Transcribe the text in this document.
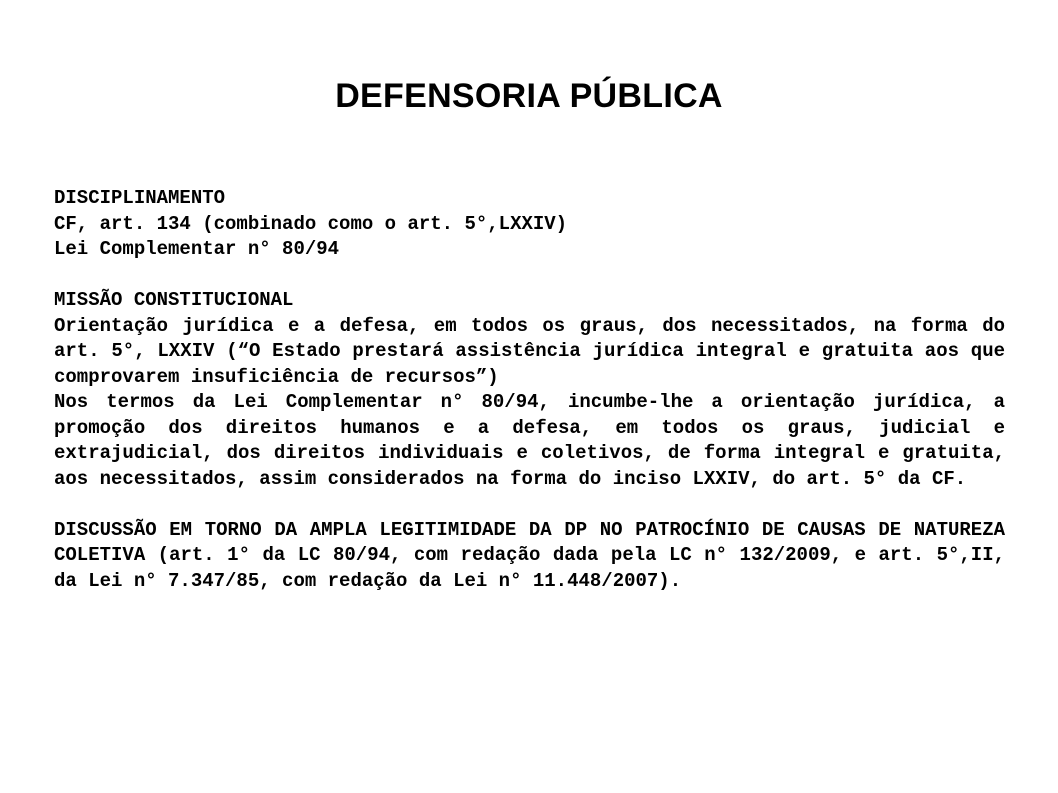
DEFENSORIA PÚBLICA

DISCIPLINAMENTO

CF, art. 134 (combinado como o art. 5°,LXXIV)

Lei Complementar n° 80/94

MISSÃO CONSTITUCIONAL

Orientação jurídica e a defesa, em todos os graus, dos necessitados, na forma do art. 5°, LXXIV (“O Estado prestará assistência jurídica integral e gratuita aos que comprovarem insuficiência de recursos”)

Nos termos da Lei Complementar n° 80/94, incumbe-lhe a orientação jurídica, a promoção dos direitos humanos e a defesa, em todos os graus, judicial e extrajudicial, dos direitos individuais e coletivos, de forma integral e gratuita, aos necessitados, assim considerados na forma do inciso LXXIV, do art. 5° da CF.

DISCUSSÃO EM TORNO DA AMPLA LEGITIMIDADE DA DP NO PATROCÍNIO DE CAUSAS DE NATUREZA COLETIVA (art. 1° da LC 80/94, com redação dada pela LC n° 132/2009, e art. 5°,II, da Lei n° 7.347/85, com redação da Lei n° 11.448/2007).
